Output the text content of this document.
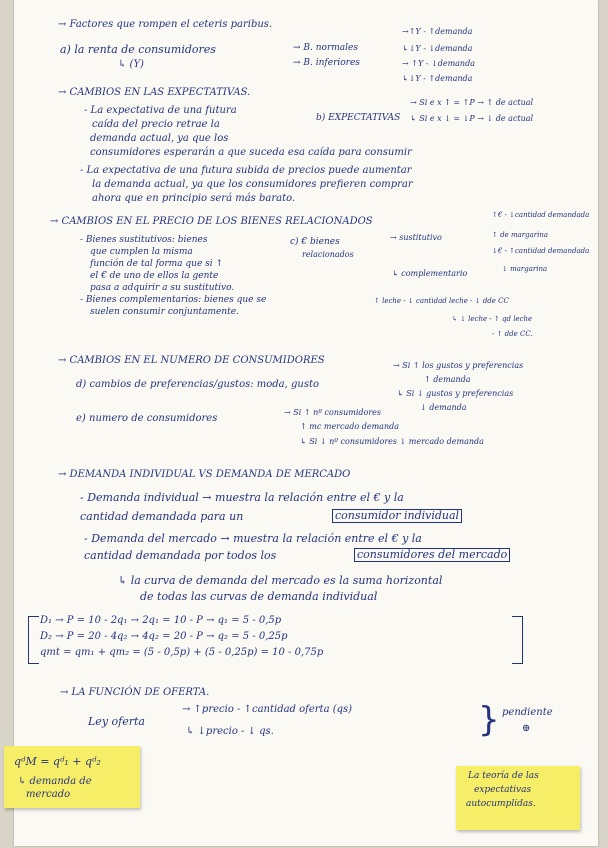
→ Factores que rompen el ceteris paribus.
a) la renta de consumidores
↳ (Y)
→ B. normales
→ B. inferiores
→↑Y - ↑demanda
↳↓Y - ↓demanda
→ ↑Y - ↓demanda
↳↓Y - ↑demanda
→ CAMBIOS EN LAS EXPECTATIVAS.
- La expectativa de una futura
caída del precio retrae la
demanda actual, ya que los
consumidores esperarán a que suceda esa caída para consumir
b) EXPECTATIVAS
→ Si e x ↑ = ↑P → ↑ de actual
↳ Si e x ↓ = ↓P → ↓ de actual
- La expectativa de una futura subida de precios puede aumentar
la demanda actual, ya que los consumidores prefieren comprar
ahora que en principio será más barato.
→ CAMBIOS EN EL PRECIO DE LOS BIENES RELACIONADOS
- Bienes sustitutivos: bienes
que cumplen la misma
función de tal forma que si ↑
el € de uno de ellos la gente
pasa a adquirir a su sustitutivo.
c) € bienes
relacionados
→ sustitutivo
↑€ - ↓cantidad demandada
↑ de margarina
↓€ - ↑cantidad demandada
↓ margarina
↳ complementario
- Bienes complementarios: bienes que se
suelen consumir conjuntamente.
↑ leche - ↓ cantidad leche - ↓ dde CC
↳ ↓ leche - ↑ qd leche
- ↑ dde CC.
→ CAMBIOS EN EL NUMERO DE CONSUMIDORES
d) cambios de preferencias/gustos: moda, gusto
→ Si ↑ los gustos y preferencias
↑ demanda
↳ Si ↓ gustos y preferencias
↓ demanda
e) numero de consumidores
→ Si ↑ nº consumidores
↑ mc mercado demanda
↳ Si ↓ nº consumidores ↓ mercado demanda
→ DEMANDA INDIVIDUAL VS DEMANDA DE MERCADO
- Demanda individual → muestra la relación entre el € y la
cantidad demandada para un	consumidor individual
- Demanda del mercado → muestra la relación entre el € y la
cantidad demandada por todos los	consumidores del mercado
↳ la curva de demanda del mercado es la suma horizontal
de todas las curvas de demanda individual
D₁ → P = 10 - 2q₁ → 2q₁ = 10 - P → q₁ = 5 - 0,5p
D₂ → P = 20 - 4q₂ → 4q₂ = 20 - P → q₂ = 5 - 0,25p
qmt = qm₁ + qm₂ = (5 - 0,5p) + (5 - 0,25p) = 10 - 0,75p
→ LA FUNCIÓN DE OFERTA.
Ley oferta
→ ↑precio - ↑cantidad oferta (qs)
↳ ↓precio - ↓ qs.	} pendiente
⊕
qᵈM = qᵈ₁ + qᵈ₂
↳ demanda de
mercado
La teoría de las
expectativas
autocumplidas.
